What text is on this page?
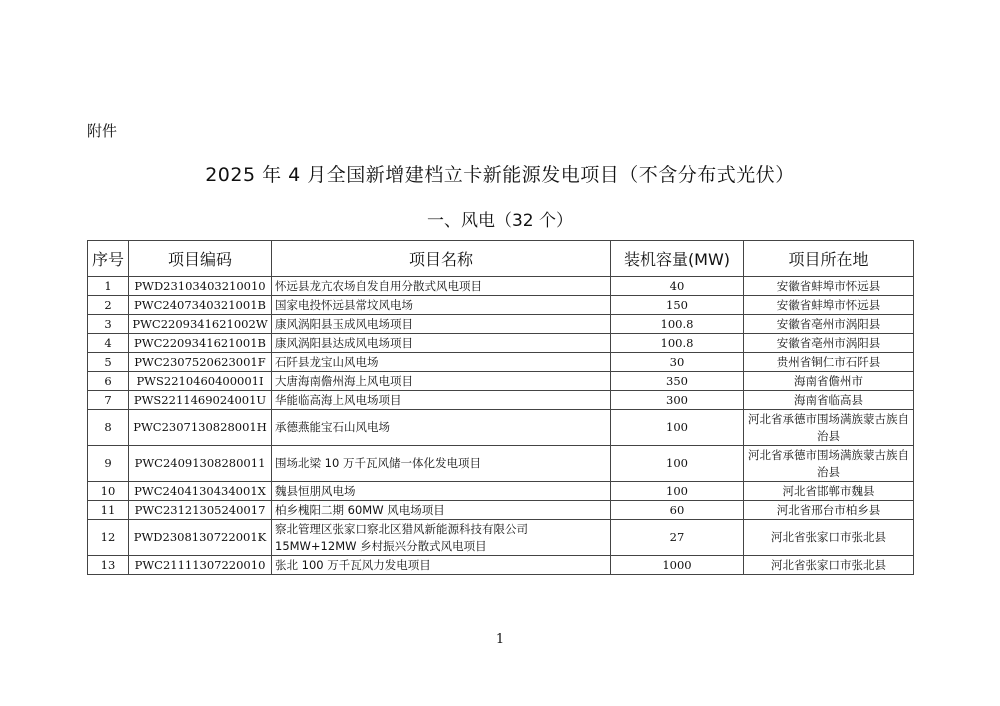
附件
2025 年 4 月全国新增建档立卡新能源发电项目（不含分布式光伏）
一、风电（32 个）
序号	项目编码	项目名称	装机容量(MW)	项目所在地
1	PWD23103403210010	怀远县龙亢农场自发自用分散式风电项目	40	安徽省蚌埠市怀远县
2	PWC2407340321001B	国家电投怀远县常坟风电场	150	安徽省蚌埠市怀远县
3	PWC2209341621002W	康风涡阳县玉成风电场项目	100.8	安徽省亳州市涡阳县
4	PWC2209341621001B	康风涡阳县达成风电场项目	100.8	安徽省亳州市涡阳县
5	PWC2307520623001F	石阡县龙宝山风电场	30	贵州省铜仁市石阡县
6	PWS2210460400001I	大唐海南儋州海上风电项目	350	海南省儋州市
7	PWS2211469024001U	华能临高海上风电场项目	300	海南省临高县
8	PWC2307130828001H	承德燕能宝石山风电场	100	河北省承德市围场满族蒙古族自治县
9	PWC24091308280011	围场北梁 10 万千瓦风储一体化发电项目	100	河北省承德市围场满族蒙古族自治县
10	PWC2404130434001X	魏县恒朋风电场	100	河北省邯郸市魏县
11	PWC23121305240017	柏乡槐阳二期 60MW 风电场项目	60	河北省邢台市柏乡县
12	PWD2308130722001K	察北管理区张家口察北区猎风新能源科技有限公司 15MW+12MW 乡村振兴分散式风电项目	27	河北省张家口市张北县
13	PWC21111307220010	张北 100 万千瓦风力发电项目	1000	河北省张家口市张北县
1
